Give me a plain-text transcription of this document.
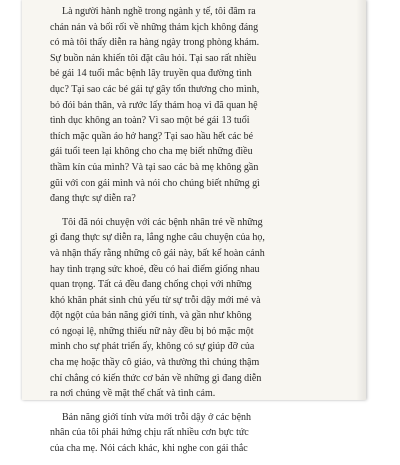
Là người hành nghề trong ngành y tế, tôi đâm ra
chán nản và bối rối về những thảm kịch không đáng
có mà tôi thấy diễn ra hàng ngày trong phòng khám.
Sự buồn nản khiến tôi đặt câu hỏi. Tại sao rất nhiều
bé gái 14 tuổi mắc bệnh lây truyền qua đường tình
dục? Tại sao các bé gái tự gây tổn thương cho mình,
bỏ đói bản thân, và rước lấy thảm hoạ vì đã quan hệ
tình dục không an toàn? Vì sao một bé gái 13 tuổi
thích mặc quần áo hở hang? Tại sao hầu hết các bé
gái tuổi teen lại không cho cha mẹ biết những điều
thầm kín của mình? Và tại sao các bà mẹ không gần
gũi với con gái mình và nói cho chúng biết những gì
đang thực sự diễn ra?

Tôi đã nói chuyện với các bệnh nhân trẻ về những
gì đang thực sự diễn ra, lắng nghe câu chuyện của họ,
và nhận thấy rằng những cô gái này, bất kể hoàn cảnh
hay tình trạng sức khoẻ, đều có hai điểm giống nhau
quan trọng. Tất cả đều đang chống chọi với những
khó khăn phát sinh chủ yếu từ sự trỗi dậy mới mẻ và
đột ngột của bản năng giới tính, và gần như không
có ngoại lệ, những thiếu nữ này đều bị bỏ mặc một
mình cho sự phát triển ấy, không có sự giúp đỡ của
cha mẹ hoặc thầy cô giáo, và thường thì chúng thậm
chí chẳng có kiến thức cơ bản về những gì đang diễn
ra nơi chúng về mặt thể chất và tình cảm.

Bản năng giới tính vừa mới trỗi dậy ở các bệnh
nhân của tôi phải hứng chịu rất nhiều cơn bực tức
của cha mẹ. Nói cách khác, khi nghe con gái thắc
